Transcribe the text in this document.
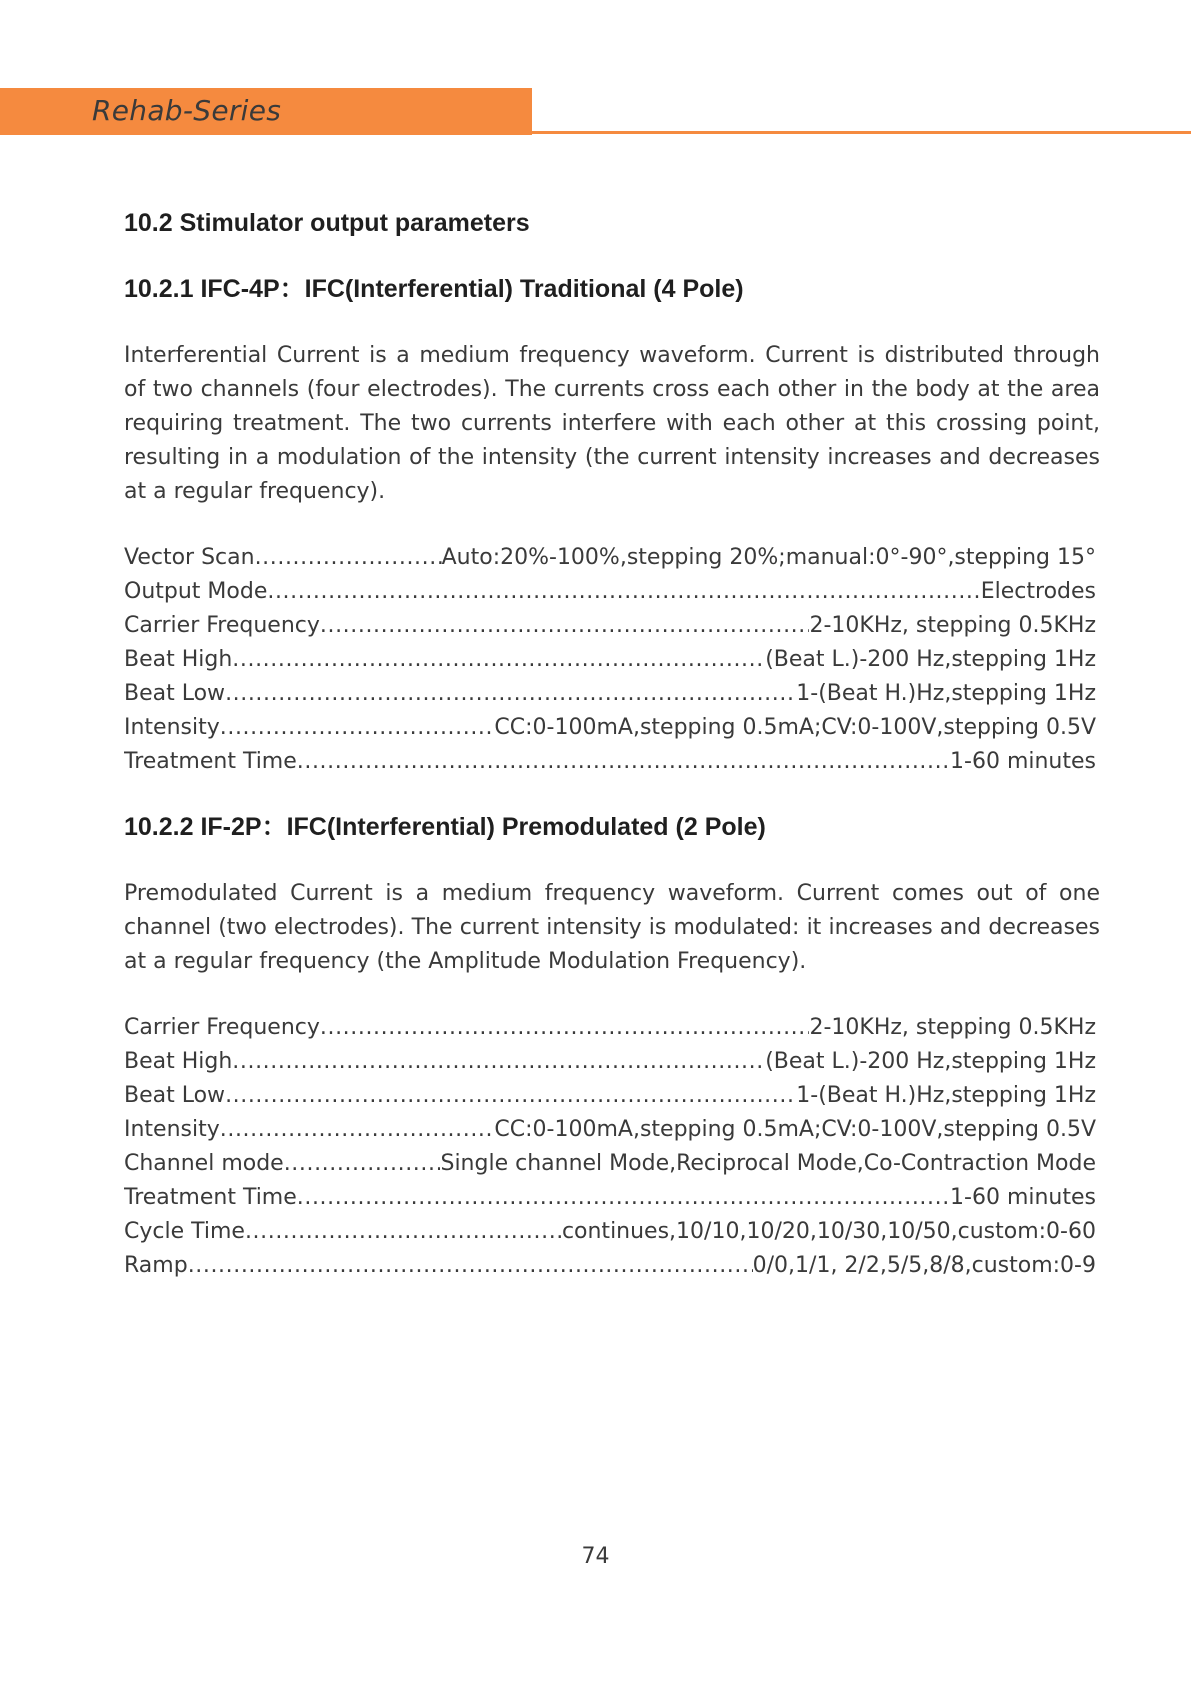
Rehab-Series
10.2 Stimulator output parameters
10.2.1 IFC-4P：IFC(Interferential) Traditional (4 Pole)

Interferential Current is a medium frequency waveform. Current is distributed through of two channels (four electrodes). The currents cross each other in the body at the area requiring treatment. The two currents interfere with each other at this crossing point, resulting in a modulation of the intensity (the current intensity increases and decreases at a regular frequency).

Vector Scan .....	Auto:20%-100%,stepping 20%;manual:0°-90°,stepping 15°
Output Mode .....	Electrodes
Carrier Frequency .....	2-10KHz, stepping 0.5KHz
Beat High .....	(Beat L.)-200 Hz,stepping 1Hz
Beat Low .....	1-(Beat H.)Hz,stepping 1Hz
Intensity .....	CC:0-100mA,stepping 0.5mA;CV:0-100V,stepping 0.5V
Treatment Time .....	1-60 minutes
10.2.2 IF-2P：IFC(Interferential) Premodulated (2 Pole)

Premodulated Current is a medium frequency waveform. Current comes out of one channel (two electrodes). The current intensity is modulated: it increases and decreases at a regular frequency (the Amplitude Modulation Frequency).

Carrier Frequency .....	2-10KHz, stepping 0.5KHz
Beat High .....	(Beat L.)-200 Hz,stepping 1Hz
Beat Low .....	1-(Beat H.)Hz,stepping 1Hz
Intensity .....	CC:0-100mA,stepping 0.5mA;CV:0-100V,stepping 0.5V
Channel mode .....	Single channel Mode,Reciprocal Mode,Co-Contraction Mode
Treatment Time .....	1-60 minutes
Cycle Time .....	continues,10/10,10/20,10/30,10/50,custom:0-60
Ramp .....	0/0,1/1, 2/2,5/5,8/8,custom:0-9
74
